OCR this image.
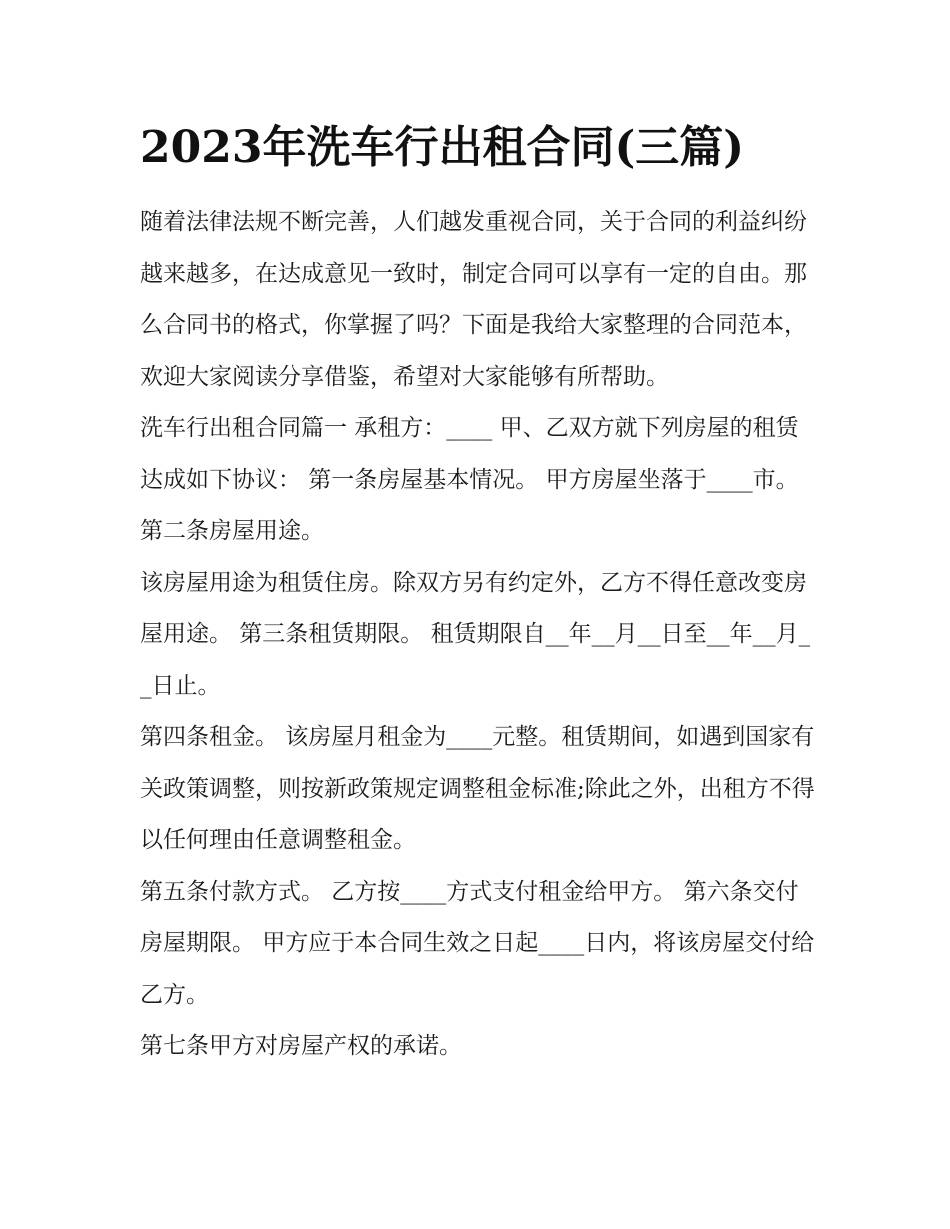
2023年洗车行出租合同(三篇)

随着法律法规不断完善，人们越发重视合同，关于合同的利益纠纷越来越多，在达成意见一致时，制定合同可以享有一定的自由。那么合同书的格式，你掌握了吗？下面是我给大家整理的合同范本，欢迎大家阅读分享借鉴，希望对大家能够有所帮助。

洗车行出租合同篇一 承租方：____ 甲、乙双方就下列房屋的租赁达成如下协议： 第一条房屋基本情况。 甲方房屋坐落于____市。 第二条房屋用途。

该房屋用途为租赁住房。除双方另有约定外，乙方不得任意改变房屋用途。 第三条租赁期限。 租赁期限自__年__月__日至__年__月__日止。

第四条租金。 该房屋月租金为____元整。租赁期间，如遇到国家有关政策调整，则按新政策规定调整租金标准;除此之外，出租方不得以任何理由任意调整租金。

第五条付款方式。 乙方按____方式支付租金给甲方。 第六条交付房屋期限。 甲方应于本合同生效之日起____日内，将该房屋交付给乙方。

第七条甲方对房屋产权的承诺。
